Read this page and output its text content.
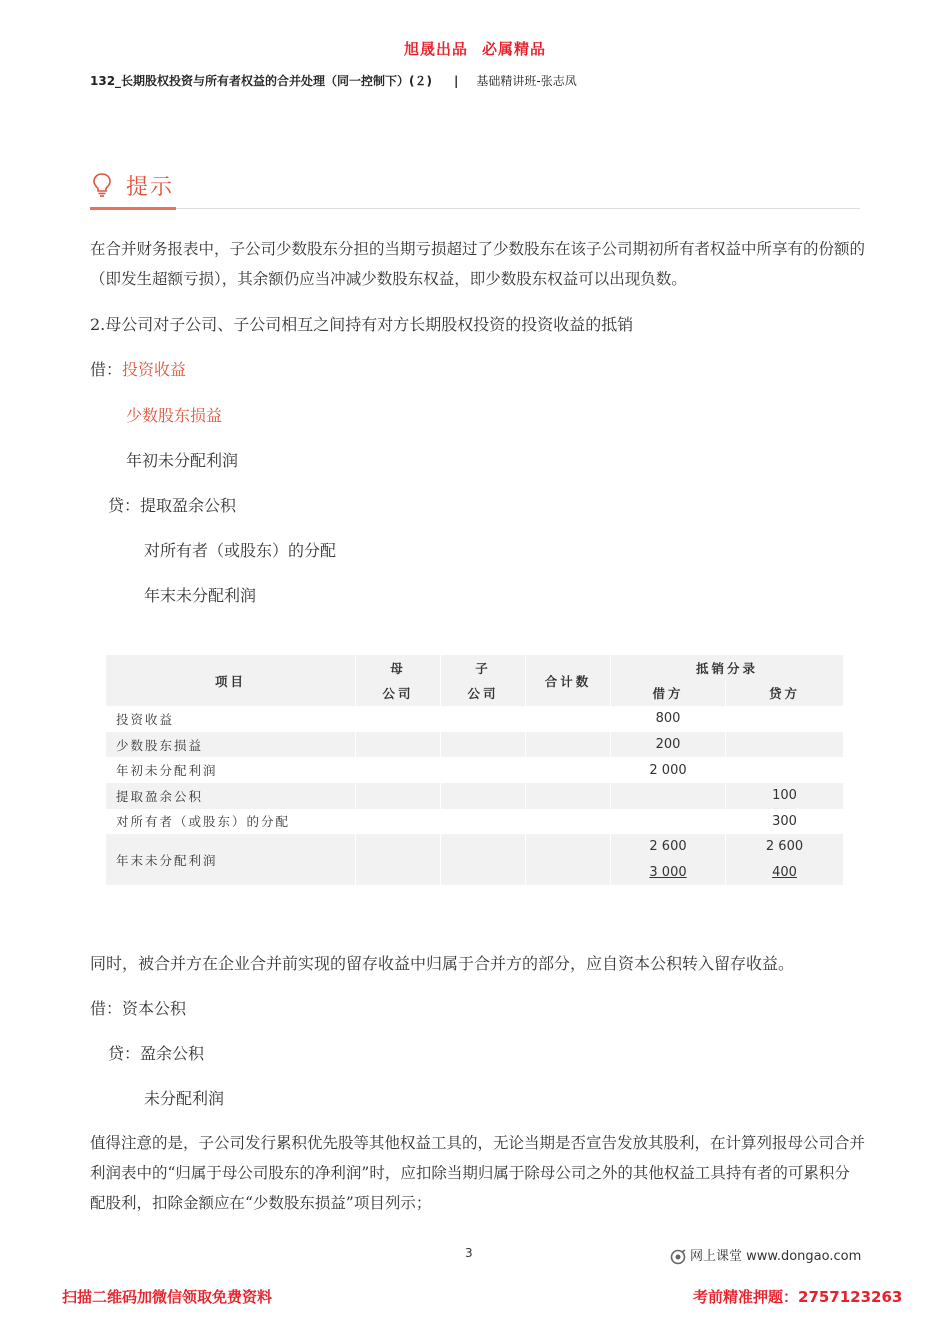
旭晟出品 必属精品
132_长期股权投资与所有者权益的合并处理（同一控制下）(２) | 基础精讲班-张志凤
提示
在合并财务报表中，子公司少数股东分担的当期亏损超过了少数股东在该子公司期初所有者权益中所享有的份额的（即发生超额亏损），其余额仍应当冲减少数股东权益，即少数股东权益可以出现负数。
2.母公司对子公司、子公司相互之间持有对方长期股权投资的投资收益的抵销
借：投资收益
少数股东损益
年初未分配利润
贷：提取盈余公积
对所有者（或股东）的分配
年末未分配利润
项目	母	子	合计数	抵销分录	
	公司	公司		借方	贷方
投资收益				800	
少数股东损益				200	
年初未分配利润				2 000	
提取盈余公积					100
对所有者（或股东）的分配					300
年末未分配利润				2 600	2 600
				3 000	400
同时，被合并方在企业合并前实现的留存收益中归属于合并方的部分，应自资本公积转入留存收益。
借：资本公积
贷：盈余公积
未分配利润
值得注意的是，子公司发行累积优先股等其他权益工具的，无论当期是否宣告发放其股利，在计算列报母公司合并利润表中的“归属于母公司股东的净利润”时，应扣除当期归属于除母公司之外的其他权益工具持有者的可累积分配股利，扣除金额应在“少数股东损益”项目列示；
3	网上课堂 www.dongao.com
扫描二维码加微信领取免费资料	考前精准押题：2757123263
